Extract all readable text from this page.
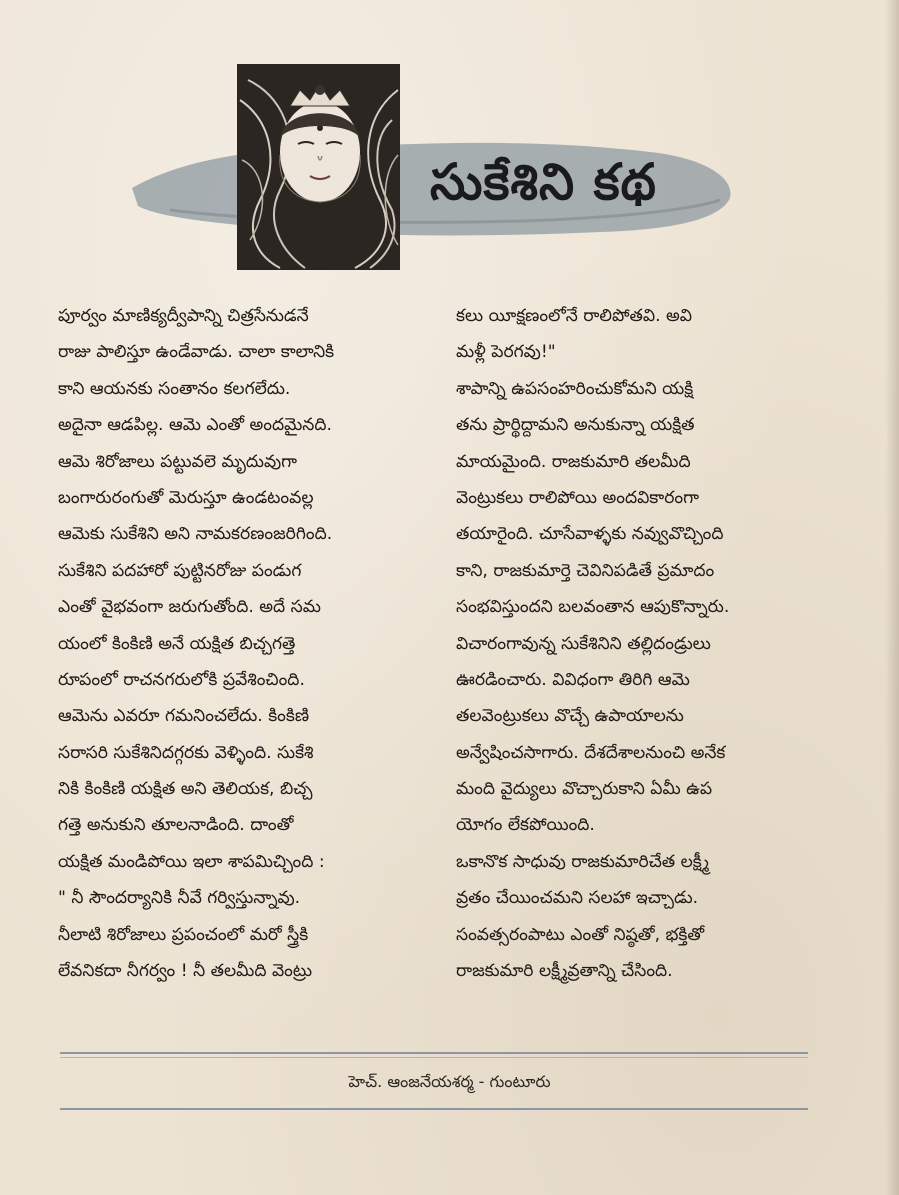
సుకేశిని కథ
పూర్వం మాణిక్యద్వీపాన్ని చిత్రసేనుడనే
రాజు పాలిస్తూ ఉండేవాడు. చాలా కాలానికి
కాని ఆయనకు సంతానం కలగలేదు.
అదైనా ఆడపిల్ల. ఆమె ఎంతో అందమైనది.
ఆమె శిరోజాలు పట్టువలె మృదువుగా
బంగారురంగుతో మెరుస్తూ ఉండటంవల్ల
ఆమెకు సుకేశిని అని నామకరణంజరిగింది.
సుకేశిని పదహారో పుట్టినరోజు పండుగ
ఎంతో వైభవంగా జరుగుతోంది. అదే సమ
యంలో కింకిణి అనే యక్షిత బిచ్చగత్తె
రూపంలో రాచనగరులోకి ప్రవేశించింది.
ఆమెను ఎవరూ గమనించలేదు. కింకిణి
సరాసరి సుకేశినిదగ్గరకు వెళ్ళింది. సుకేశి
నికి కింకిణి యక్షిత అని తెలియక, బిచ్చ
గత్తె అనుకుని తూలనాడింది. దాంతో
యక్షిత మండిపోయి ఇలా శాపమిచ్చింది :
" నీ సౌందర్యానికి నీవే గర్విస్తున్నావు.
నీలాటి శిరోజాలు ప్రపంచంలో మరో స్త్రీకి
లేవనికదా నీగర్వం ! నీ తలమీది వెంట్రు
కలు యీక్షణంలోనే రాలిపోతవి. అవి
మళ్లీ పెరగవు!"
శాపాన్ని ఉపసంహరించుకోమని యక్షి
తను ప్రార్థిద్దామని అనుకున్నా యక్షిత
మాయమైంది. రాజకుమారి తలమీది
వెంట్రుకలు రాలిపోయి అందవికారంగా
తయారైంది. చూసేవాళ్ళకు నవ్వువొచ్చింది
కాని, రాజకుమార్తె చెవినిపడితే ప్రమాదం
సంభవిస్తుందని బలవంతాన ఆపుకొన్నారు.
విచారంగావున్న సుకేశినిని తల్లిదండ్రులు
ఊరడించారు. వివిధంగా తిరిగి ఆమె
తలవెంట్రుకలు వొచ్చే ఉపాయాలను
అన్వేషించసాగారు. దేశదేశాలనుంచి అనేక
మంది వైద్యులు వొచ్చారుకాని ఏమీ ఉప
యోగం లేకపోయింది.
ఒకానొక సాధువు రాజకుమారిచేత లక్ష్మీ
వ్రతం చేయించమని సలహా ఇచ్చాడు.
సంవత్సరంపాటు ఎంతో నిష్ఠతో, భక్తితో
రాజకుమారి లక్ష్మీవ్రతాన్ని చేసింది.
హెచ్. ఆంజనేయశర్మ - గుంటూరు
